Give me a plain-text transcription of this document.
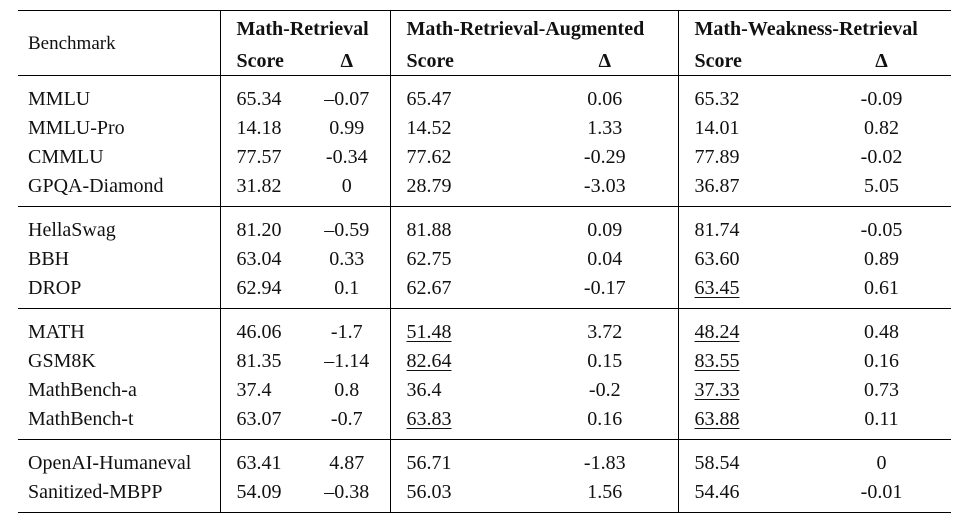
Benchmark	Math-Retrieval		Math-Retrieval-Augmented		Math-Weakness-Retrieval	
	Score	Δ	Score	Δ	Score	Δ

MMLU	65.34	–0.07	65.47	0.06	65.32	-0.09
MMLU-Pro	14.18	0.99	14.52	1.33	14.01	0.82
CMMLU	77.57	-0.34	77.62	-0.29	77.89	-0.02
GPQA-Diamond	31.82	0	28.79	-3.03	36.87	5.05

HellaSwag	81.20	–0.59	81.88	0.09	81.74	-0.05
BBH	63.04	0.33	62.75	0.04	63.60	0.89
DROP	62.94	0.1	62.67	-0.17	63.45	0.61

MATH	46.06	-1.7	51.48	3.72	48.24	0.48
GSM8K	81.35	–1.14	82.64	0.15	83.55	0.16
MathBench-a	37.4	0.8	36.4	-0.2	37.33	0.73
MathBench-t	63.07	-0.7	63.83	0.16	63.88	0.11

OpenAI-Humaneval	63.41	4.87	56.71	-1.83	58.54	0
Sanitized-MBPP	54.09	–0.38	56.03	1.56	54.46	-0.01
